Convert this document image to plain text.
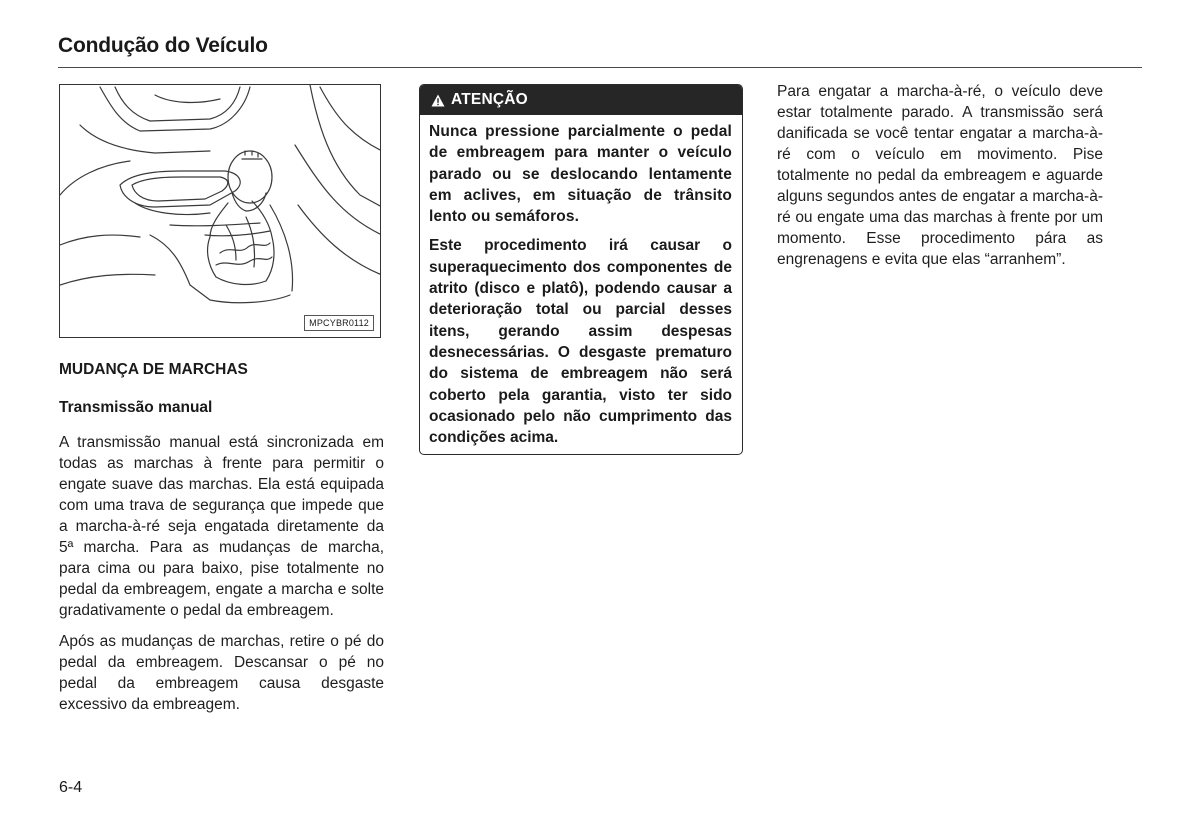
Condução do Veículo
MPCYBR0112

MUDANÇA DE MARCHAS

Transmissão manual

A transmissão manual está sincronizada em todas as marchas à frente para permitir o engate suave das marchas. Ela está equipada com uma trava de segurança que impede que a marcha-à-ré seja engatada diretamente da 5ª marcha. Para as mudanças de marcha, para cima ou para baixo, pise totalmente no pedal da embreagem, engate a marcha e solte gradativamente o pedal da embreagem.

Após as mudanças de marchas, retire o pé do pedal da embreagem. Descansar o pé no pedal da embreagem causa desgaste excessivo da embreagem.

ATENÇÃO

Nunca pressione parcialmente o pedal de embreagem para manter o veículo parado ou se deslocando lentamente em aclives, em situação de trânsito lento ou semáforos.

Este procedimento irá causar o superaquecimento dos componentes de atrito (disco e platô), podendo causar a deterioração total ou parcial desses itens, gerando assim despesas desnecessárias. O desgaste prematuro do sistema de embreagem não será coberto pela garantia, visto ter sido ocasionado pelo não cumprimento das condições acima.

Para engatar a marcha-à-ré, o veículo deve estar totalmente parado. A transmissão será danificada se você tentar engatar a marcha-à-ré com o veículo em movimento. Pise totalmente no pedal da embreagem e aguarde alguns segundos antes de engatar a marcha-à-ré ou engate uma das marchas à frente por um momento. Esse procedimento pára as engrenagens e evita que elas “arranhem”.

6-4
